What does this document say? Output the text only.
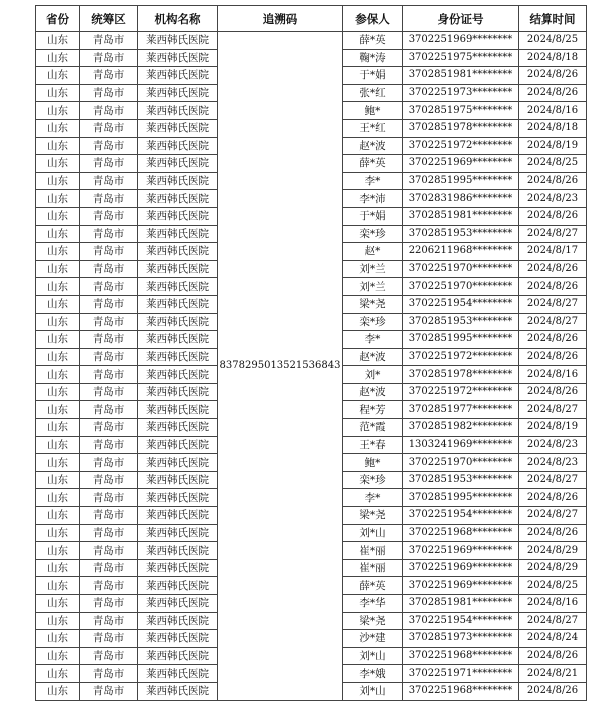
省份	统筹区	机构名称	追溯码	参保人	身份证号	结算时间
山东	青岛市	莱西韩氏医院	8378295013521536843	薛*英	3702251969********	2024/8/25
山东	青岛市	莱西韩氏医院		鞠*涛	3702251975********	2024/8/18
山东	青岛市	莱西韩氏医院		于*娟	3702851981********	2024/8/26
山东	青岛市	莱西韩氏医院		张*红	3702251973********	2024/8/26
山东	青岛市	莱西韩氏医院		鲍*	3702851975********	2024/8/16
山东	青岛市	莱西韩氏医院		王*红	3702851978********	2024/8/18
山东	青岛市	莱西韩氏医院		赵*波	3702251972********	2024/8/19
山东	青岛市	莱西韩氏医院		薛*英	3702251969********	2024/8/25
山东	青岛市	莱西韩氏医院		李*	3702851995********	2024/8/26
山东	青岛市	莱西韩氏医院		李*沛	3702831986********	2024/8/23
山东	青岛市	莱西韩氏医院		于*娟	3702851981********	2024/8/26
山东	青岛市	莱西韩氏医院		栾*珍	3702851953********	2024/8/27
山东	青岛市	莱西韩氏医院		赵*	2206211968********	2024/8/17
山东	青岛市	莱西韩氏医院		刘*兰	3702251970********	2024/8/26
山东	青岛市	莱西韩氏医院		刘*兰	3702251970********	2024/8/26
山东	青岛市	莱西韩氏医院		梁*尧	3702251954********	2024/8/27
山东	青岛市	莱西韩氏医院		栾*珍	3702851953********	2024/8/27
山东	青岛市	莱西韩氏医院		李*	3702851995********	2024/8/26
山东	青岛市	莱西韩氏医院		赵*波	3702251972********	2024/8/26
山东	青岛市	莱西韩氏医院		刘*	3702851978********	2024/8/16
山东	青岛市	莱西韩氏医院		赵*波	3702251972********	2024/8/26
山东	青岛市	莱西韩氏医院		程*芳	3702851977********	2024/8/27
山东	青岛市	莱西韩氏医院		范*霞	3702851982********	2024/8/19
山东	青岛市	莱西韩氏医院		王*春	1303241969********	2024/8/23
山东	青岛市	莱西韩氏医院		鲍*	3702251970********	2024/8/23
山东	青岛市	莱西韩氏医院		栾*珍	3702851953********	2024/8/27
山东	青岛市	莱西韩氏医院		李*	3702851995********	2024/8/26
山东	青岛市	莱西韩氏医院		梁*尧	3702251954********	2024/8/27
山东	青岛市	莱西韩氏医院		刘*山	3702251968********	2024/8/26
山东	青岛市	莱西韩氏医院		崔*丽	3702251969********	2024/8/29
山东	青岛市	莱西韩氏医院		崔*丽	3702251969********	2024/8/29
山东	青岛市	莱西韩氏医院		薛*英	3702251969********	2024/8/25
山东	青岛市	莱西韩氏医院		李*华	3702851981********	2024/8/16
山东	青岛市	莱西韩氏医院		梁*尧	3702251954********	2024/8/27
山东	青岛市	莱西韩氏医院		沙*建	3702851973********	2024/8/24
山东	青岛市	莱西韩氏医院		刘*山	3702251968********	2024/8/26
山东	青岛市	莱西韩氏医院		李*娥	3702251971********	2024/8/21
山东	青岛市	莱西韩氏医院		刘*山	3702251968********	2024/8/26
